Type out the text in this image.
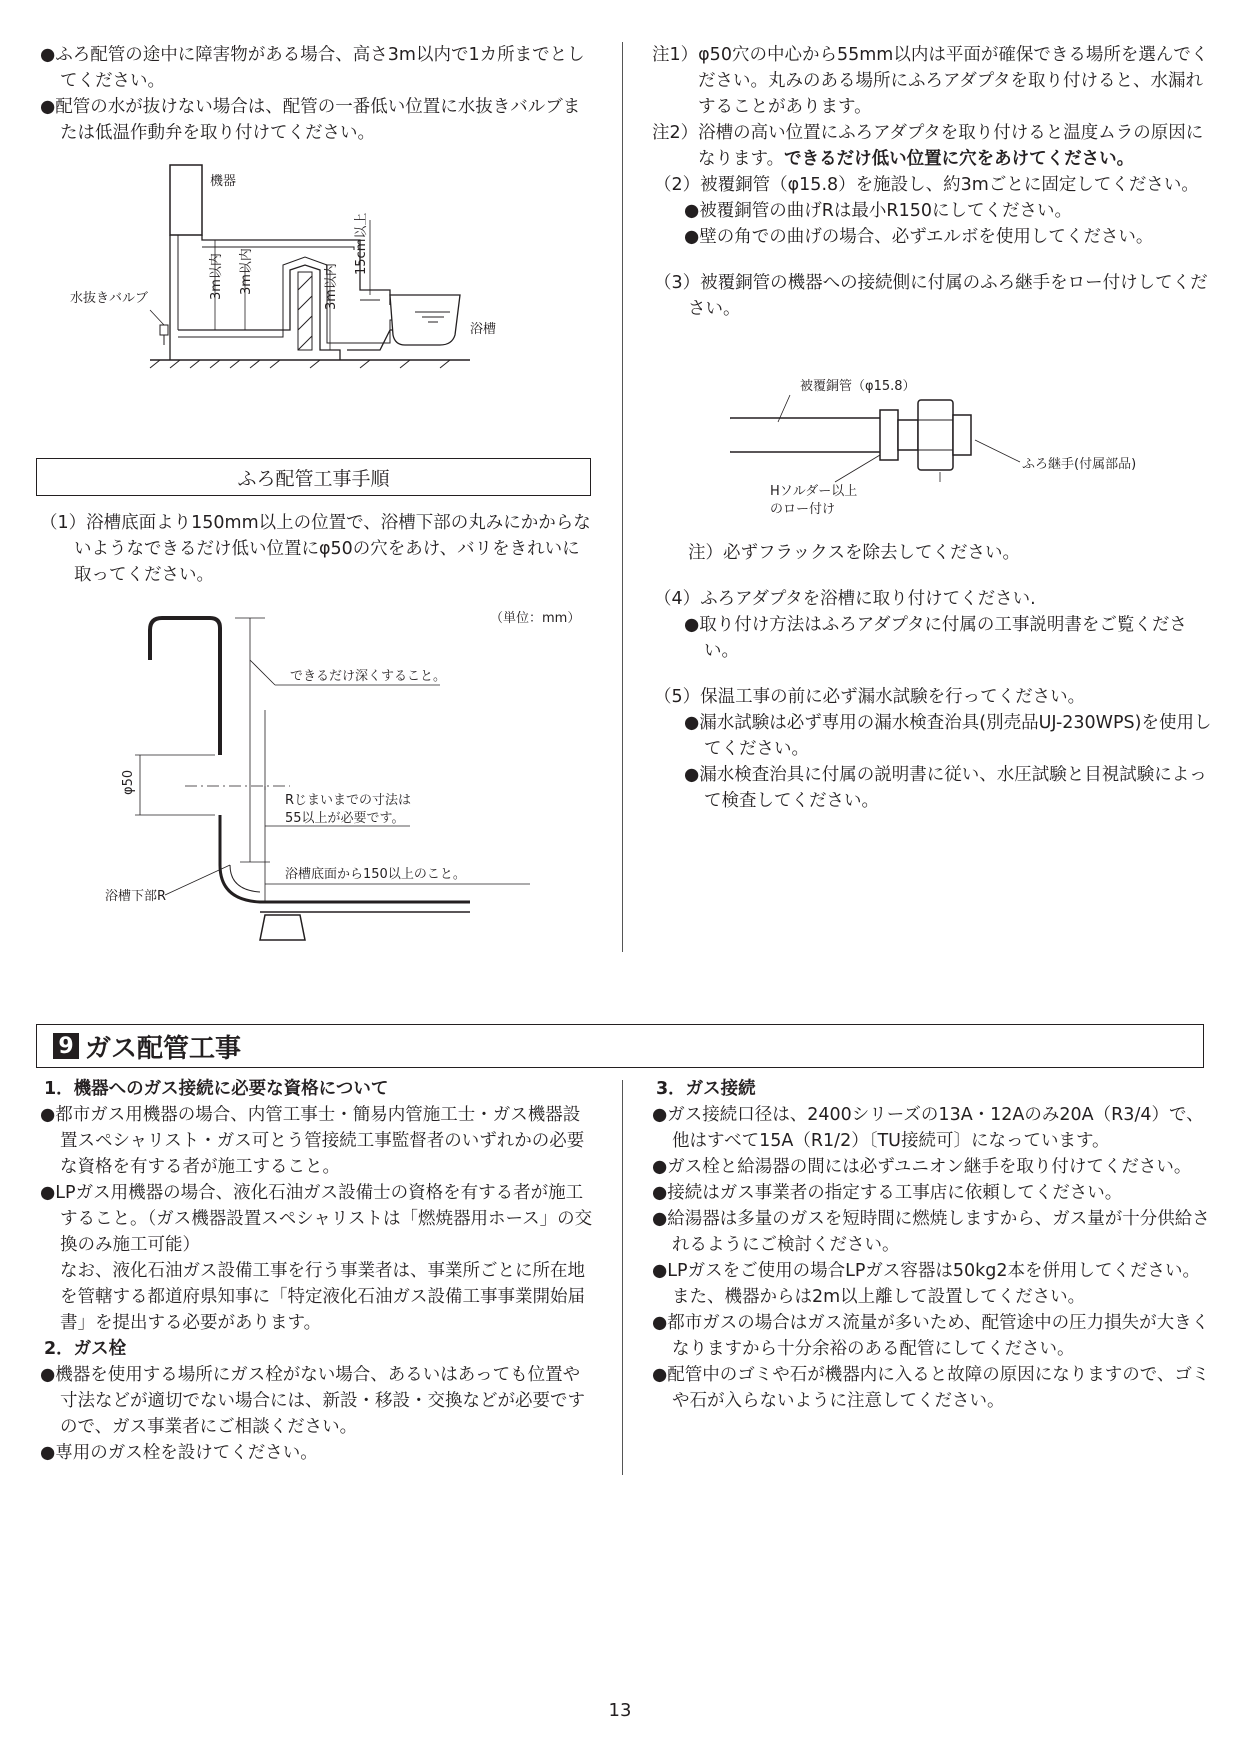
●ふろ配管の途中に障害物がある場合、高さ3m以内で1カ所までとしてください。

●配管の水が抜けない場合は、配管の一番低い位置に水抜きバルブまたは低温作動弁を取り付けてください。

機器
浴槽
水抜きバルブ	3m以内 3m以内	3m以内
15cm以上
ふろ配管工事手順

（1）浴槽底面より150mm以上の位置で、浴槽下部の丸みにかからないようなできるだけ低い位置にφ50の穴をあけ、バリをきれいに取ってください。

（単位：mm）
φ50
できるだけ深くすること。
Rじまいまでの寸法は
55以上が必要です。
浴槽底面から150以上のこと。
浴槽下部R

注1）φ50穴の中心から55mm以内は平面が確保できる場所を選んでください。丸みのある場所にふろアダプタを取り付けると、水漏れすることがあります。

注2）浴槽の高い位置にふろアダプタを取り付けると温度ムラの原因になります。できるだけ低い位置に穴をあけてください。

（2）被覆銅管（φ15.8）を施設し、約3mごとに固定してください。

●被覆銅管の曲げRは最小R150にしてください。

●壁の角での曲げの場合、必ずエルボを使用してください。

（3）被覆銅管の機器への接続側に付属のふろ継手をロー付けしてください。

被覆銅管（φ15.8）
ふろ継手(付属部品)
Hソルダー以上
のロー付け

注）必ずフラックスを除去してください。

（4）ふろアダプタを浴槽に取り付けてください.

●取り付け方法はふろアダプタに付属の工事説明書をご覧ください。

（5）保温工事の前に必ず漏水試験を行ってください。

●漏水試験は必ず専用の漏水検査治具(別売品UJ-230WPS)を使用してください。

●漏水検査治具に付属の説明書に従い、水圧試験と目視試験によって検査してください。

9 ガス配管工事

1．機器へのガス接続に必要な資格について

●都市ガス用機器の場合、内管工事士・簡易内管施工士・ガス機器設置スペシャリスト・ガス可とう管接続工事監督者のいずれかの必要な資格を有する者が施工すること。

●LPガス用機器の場合、液化石油ガス設備士の資格を有する者が施工すること。（ガス機器設置スペシャリストは「燃焼器用ホース」の交換のみ施工可能）

なお、液化石油ガス設備工事を行う事業者は、事業所ごとに所在地を管轄する都道府県知事に「特定液化石油ガス設備工事事業開始届書」を提出する必要があります。

2．ガス栓

●機器を使用する場所にガス栓がない場合、あるいはあっても位置や寸法などが適切でない場合には、新設・移設・交換などが必要ですので、ガス事業者にご相談ください。

●専用のガス栓を設けてください。

3．ガス接続

●ガス接続口径は、2400シリーズの13A・12Aのみ20A（R3/4）で、他はすべて15A（R1/2）〔TU接続可〕になっています。

●ガス栓と給湯器の間には必ずユニオン継手を取り付けてください。

●接続はガス事業者の指定する工事店に依頼してください。

●給湯器は多量のガスを短時間に燃焼しますから、ガス量が十分供給されるようにご検討ください。

●LPガスをご使用の場合LPガス容器は50kg2本を併用してください。また、機器からは2m以上離して設置してください。

●都市ガスの場合はガス流量が多いため、配管途中の圧力損失が大きくなりますから十分余裕のある配管にしてください。

●配管中のゴミや石が機器内に入ると故障の原因になりますので、ゴミや石が入らないように注意してください。

13
